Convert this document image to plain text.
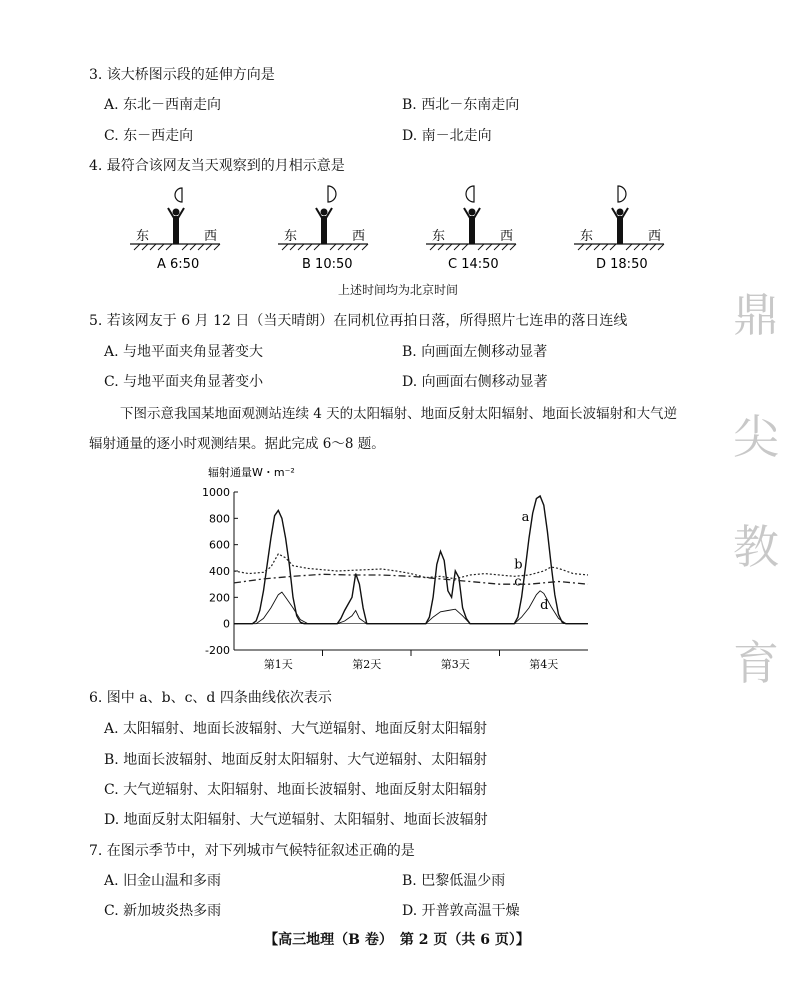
3. 该大桥图示段的延伸方向是
A. 东北－西南走向	B. 西北－东南走向
C. 东－西走向	D. 南－北走向
4. 最符合该网友当天观察到的月相示意是
东	西
A 6:50
东	西
B 10:50
东	西
C 14:50
东	西
D 18:50
上述时间均为北京时间
5. 若该网友于 6 月 12 日（当天晴朗）在同机位再拍日落，所得照片七连串的落日连线
A. 与地平面夹角显著变大	B. 向画面左侧移动显著
C. 与地平面夹角显著变小	D. 向画面右侧移动显著
下图示意我国某地面观测站连续 4 天的太阳辐射、地面反射太阳辐射、地面长波辐射和大气逆
辐射通量的逐小时观测结果。据此完成 6～8 题。
辐射通量W・m⁻²
1000
800
600
400
200
0
-200
第1天	第2天	第3天	第4天
a
b
c
d
6. 图中 a、b、c、d 四条曲线依次表示
A. 太阳辐射、地面长波辐射、大气逆辐射、地面反射太阳辐射
B. 地面长波辐射、地面反射太阳辐射、大气逆辐射、太阳辐射
C. 大气逆辐射、太阳辐射、地面长波辐射、地面反射太阳辐射
D. 地面反射太阳辐射、大气逆辐射、太阳辐射、地面长波辐射
7. 在图示季节中，对下列城市气候特征叙述正确的是
A. 旧金山温和多雨	B. 巴黎低温少雨
C. 新加坡炎热多雨	D. 开普敦高温干燥
鼎
尖
教
育
【高三地理（B 卷）　第 2 页（共 6 页）】
